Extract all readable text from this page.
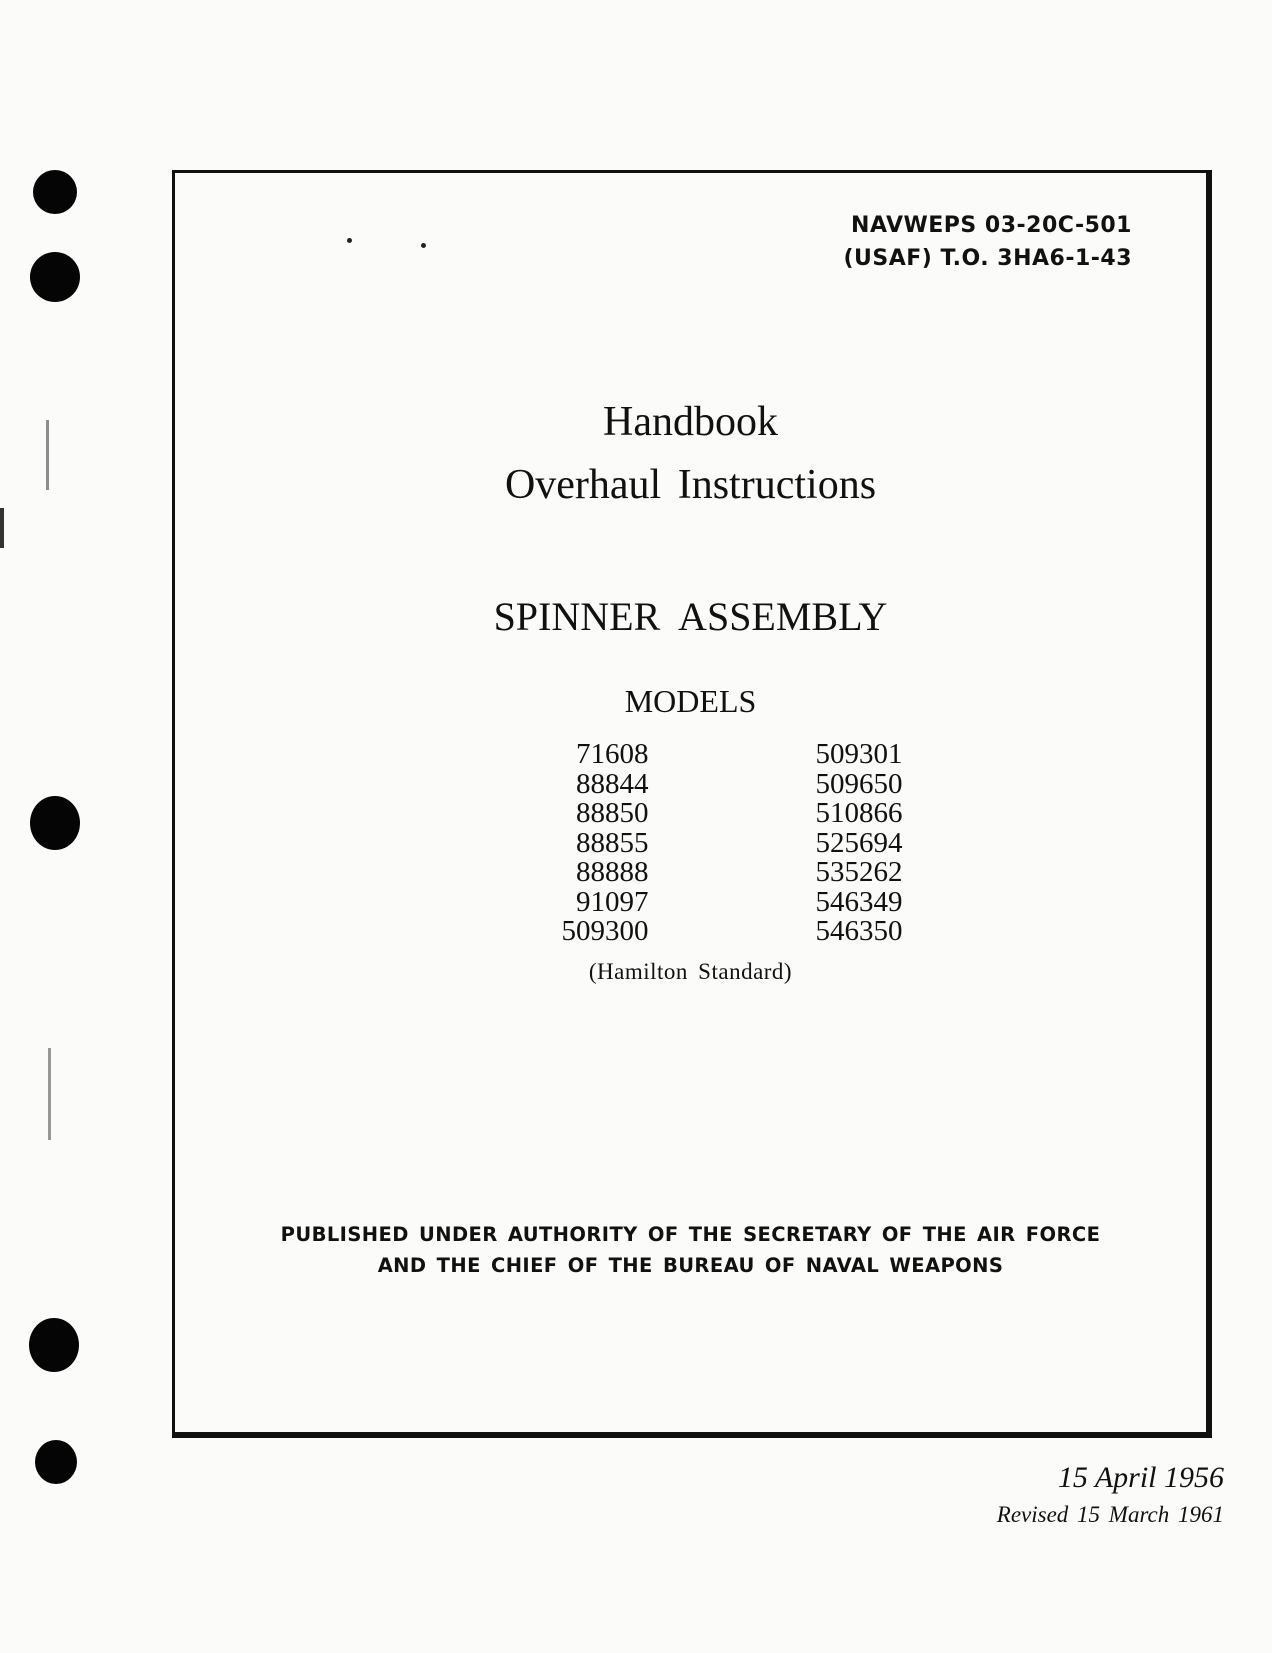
NAVWEPS 03-20C-501
(USAF) T.O. 3HA6-1-43
Handbook
Overhaul Instructions
SPINNER ASSEMBLY
MODELS
71608
88844
88850
88855
88888
91097
509300
509301
509650
510866
525694
535262
546349
546350
(Hamilton Standard)
PUBLISHED UNDER AUTHORITY OF THE SECRETARY OF THE AIR FORCE
AND THE CHIEF OF THE BUREAU OF NAVAL WEAPONS
15 April 1956
Revised 15 March 1961
